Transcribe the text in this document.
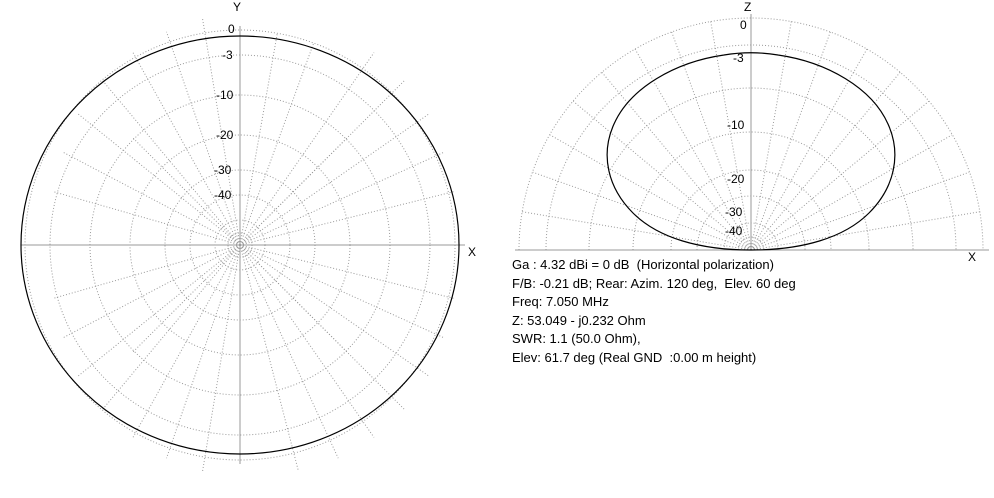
Y
X
0
-3
-10
-20
-30
-40
Z
X
0
-3
-10
-20
-30
-40
Ga : 4.32 dBi = 0 dB  (Horizontal polarization)
F/B: -0.21 dB; Rear: Azim. 120 deg,  Elev. 60 deg
Freq: 7.050 MHz
Z: 53.049 - j0.232 Ohm
SWR: 1.1 (50.0 Ohm),
Elev: 61.7 deg (Real GND  :0.00 m height)
